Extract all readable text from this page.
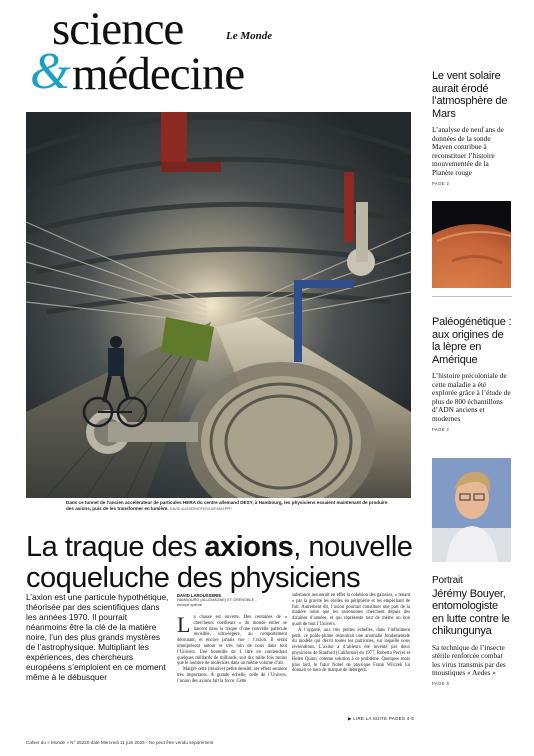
science	Le Monde
& médecine
Dans ce tunnel de l’ancien accélérateur de particules HERA du centre allemand DESY, à Hambourg, les physiciens essaient maintenant de produire des axions, puis de les transformer en lumière. DAVID AUSSERHOFER/LAIF/MAXPPP
La traque des axions, nouvelle coqueluche des physiciens
L’axion est une particule hypothétique, théorisée par des scientifiques dans les années 1970. Il pourrait néanmoins être la clé de la matière noire, l’un des plus grands mystères de l’astrophysique. Multipliant les expériences, des chercheurs européens s’emploient en ce moment même à le débusquer
DAVID LAROUSSERIE
HAMBOURG (ALLEMAGNE) ET GRENOBLE - envoyé spécial
La chasse est ouverte. Des centaines de « chercheurs cueilleurs » du monde entier se lancent dans la traque d’une nouvelle particule invisible, ultra-légère, au comportement déroutant, et encore jamais vue : l’axion. Il serait omniprésent autour et très loin de nous dans tout l’Univers. Une bouteille de 1 litre en contiendrait quelques milliards de milliards, soit dix mille fois moins que le nombre de molécules dans un même volume d’air.
Malgré cette (relative) petite densité, ses effets seraient très importants. À grande échelle, celle de l’Univers, l’union des axions fait la force. Cette
substance assurerait en effet la cohésion des galaxies, « tenant » par la gravité les étoiles en périphérie et les empêchant de fuir. Autrement dit, l’axion pourrait constituer une part de la matière noire que les astronomes cherchent depuis des dizaines d’années, et qui représente tout de même un bon quart de tout l’Univers.
À l’opposé, aux très petites échelles, dans l’infiniment petit, ce poids-plume résoudrait une anomalie fondamentale du modèle qui décrit toutes les particules, sur laquelle nous reviendrons. L’axion a d’ailleurs été inventé par deux physiciens de Stanford (Californie) en 1977, Roberto Peccei et Helen Quinn, comme solution à ce problème. Quelques mois plus tard, le futur Nobel de physique Frank Wilczek lui donnait ce nom de marque de détergent.
▶ LIRE LA SUITE PAGES 4-5
Cahier du « Monde » N° 25220 daté Mercredi 11 juin 2025 - Ne peut être vendu séparément
Le vent solaire aurait érodé l’atmosphère de Mars
L’analyse de neuf ans de données de la sonde Maven contribue à reconstituer l’histoire mouvementée de la Planète rouge
PAGE 2
Paléogénétique : aux origines de la lèpre en Amérique
L’histoire précoloniale de cette maladie a été explorée grâce à l’étude de plus de 800 échantillons d’ADN anciens et modernes
PAGE 2
Portrait
Jérémy Bouyer, entomologiste en lutte contre le chikungunya
Sa technique de l’insecte stérile renforcée combat les virus transmis par des moustiques « Aedes »
PAGE 8
